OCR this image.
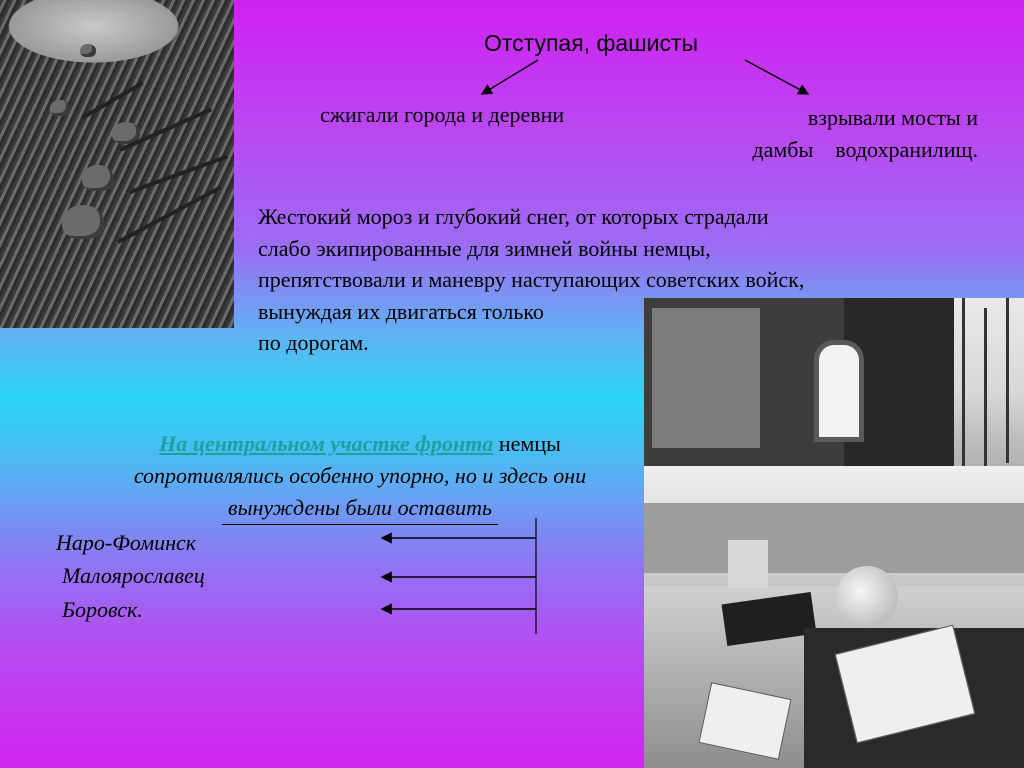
Отступая, фашисты
сжигали города и деревни	взрывали мосты и
дамбы    водохранилищ.
Жестокий мороз и глубокий снег, от которых страдали
слабо экипированные для зимней войны немцы,
препятствовали и маневру наступающих советских войск,
вынуждая их двигаться только
по дорогам.
На центральном участке фронта немцы
сопротивлялись особенно упорно, но и здесь они
вынуждены были оставить
Наро-Фоминск
Малоярославец
Боровск.
